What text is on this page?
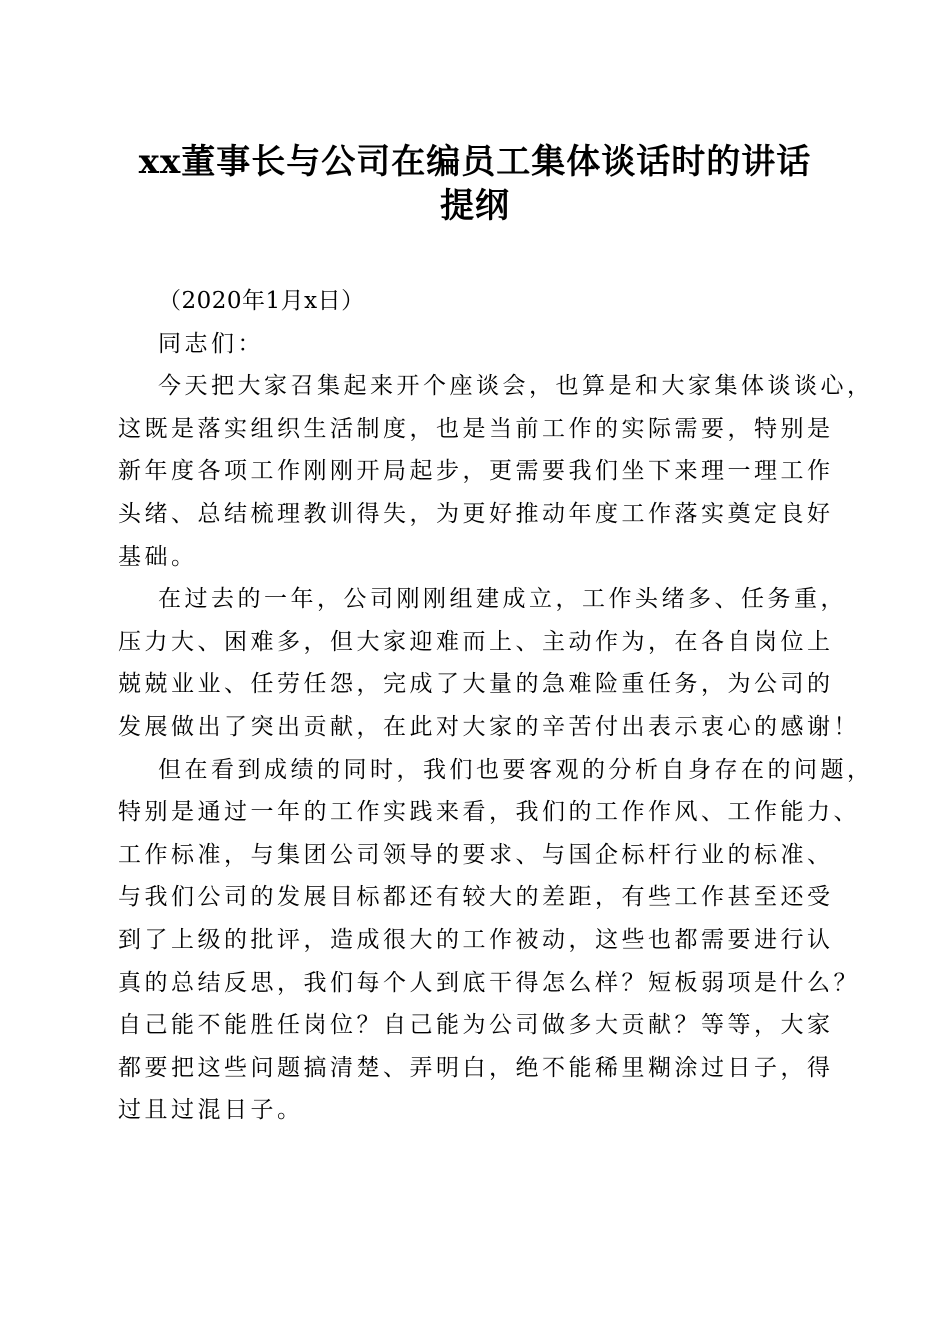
xx董事长与公司在编员工集体谈话时的讲话
提纲
（2020年1月x日）
同志们：
今天把大家召集起来开个座谈会，也算是和大家集体谈谈心，
这既是落实组织生活制度，也是当前工作的实际需要，特别是
新年度各项工作刚刚开局起步，更需要我们坐下来理一理工作
头绪、总结梳理教训得失，为更好推动年度工作落实奠定良好
基础。
在过去的一年，公司刚刚组建成立，工作头绪多、任务重，
压力大、困难多，但大家迎难而上、主动作为，在各自岗位上
兢兢业业、任劳任怨，完成了大量的急难险重任务，为公司的
发展做出了突出贡献，在此对大家的辛苦付出表示衷心的感谢！
但在看到成绩的同时，我们也要客观的分析自身存在的问题，
特别是通过一年的工作实践来看，我们的工作作风、工作能力、
工作标准，与集团公司领导的要求、与国企标杆行业的标准、
与我们公司的发展目标都还有较大的差距，有些工作甚至还受
到了上级的批评，造成很大的工作被动，这些也都需要进行认
真的总结反思，我们每个人到底干得怎么样？短板弱项是什么？
自己能不能胜任岗位？自己能为公司做多大贡献？等等，大家
都要把这些问题搞清楚、弄明白，绝不能稀里糊涂过日子，得
过且过混日子。
